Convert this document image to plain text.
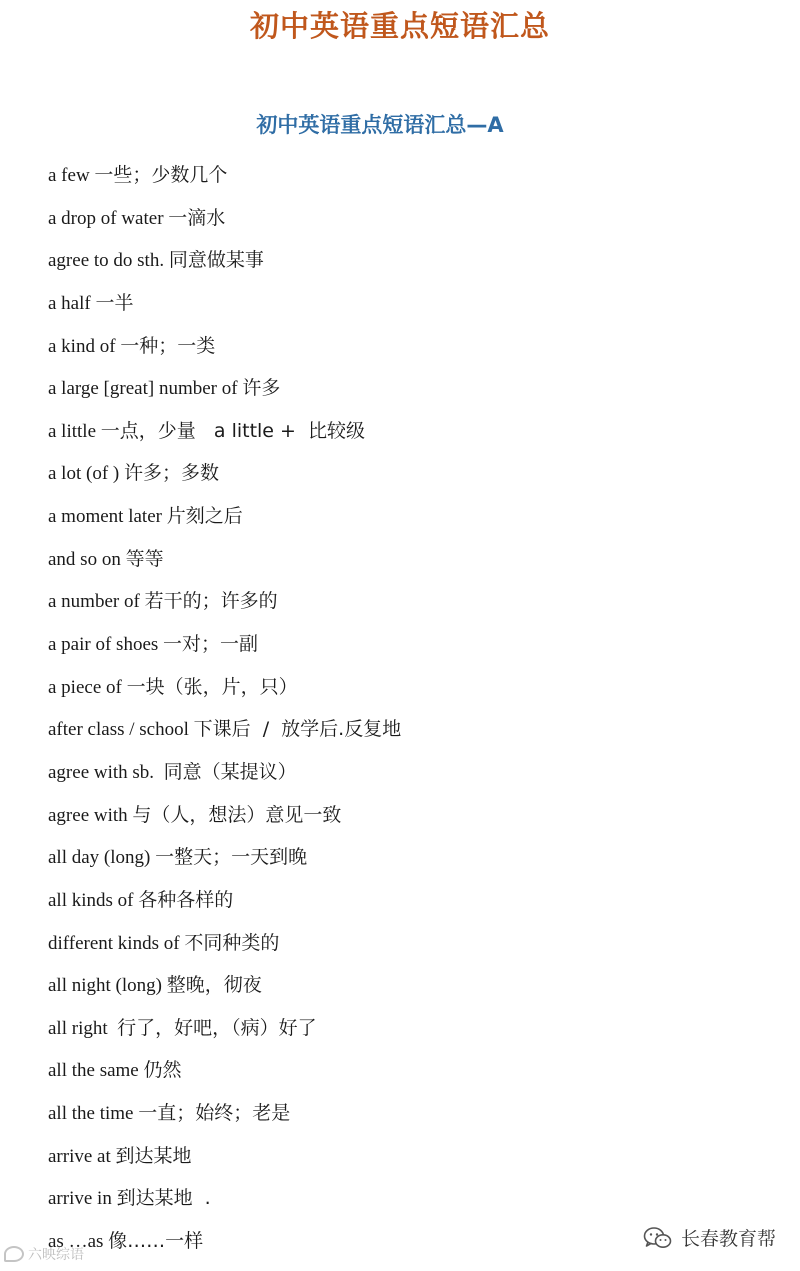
初中英语重点短语汇总
初中英语重点短语汇总—A
a few 一些；少数几个
a drop of water 一滴水
agree to do sth. 同意做某事
a half 一半
a kind of 一种；一类
a large [great] number of 许多
a little 一点，少量   a little +  比较级
a lot (of ) 许多；多数
a moment later 片刻之后
and so on 等等
a number of 若干的；许多的
a pair of shoes 一对；一副
a piece of 一块（张，片，只）
after class / school 下课后  /  放学后.反复地
agree with sb.  同意（某提议）
agree with 与（人，想法）意见一致
all day (long) 一整天；一天到晚
all kinds of 各种各样的
different kinds of 不同种类的
all night (long) 整晚，彻夜
all right  行了，好吧，（病）好了
all the same 仍然
all the time 一直；始终；老是
arrive at 到达某地
arrive in 到达某地  .
as …as 像……一样
六映综语
长春教育帮
